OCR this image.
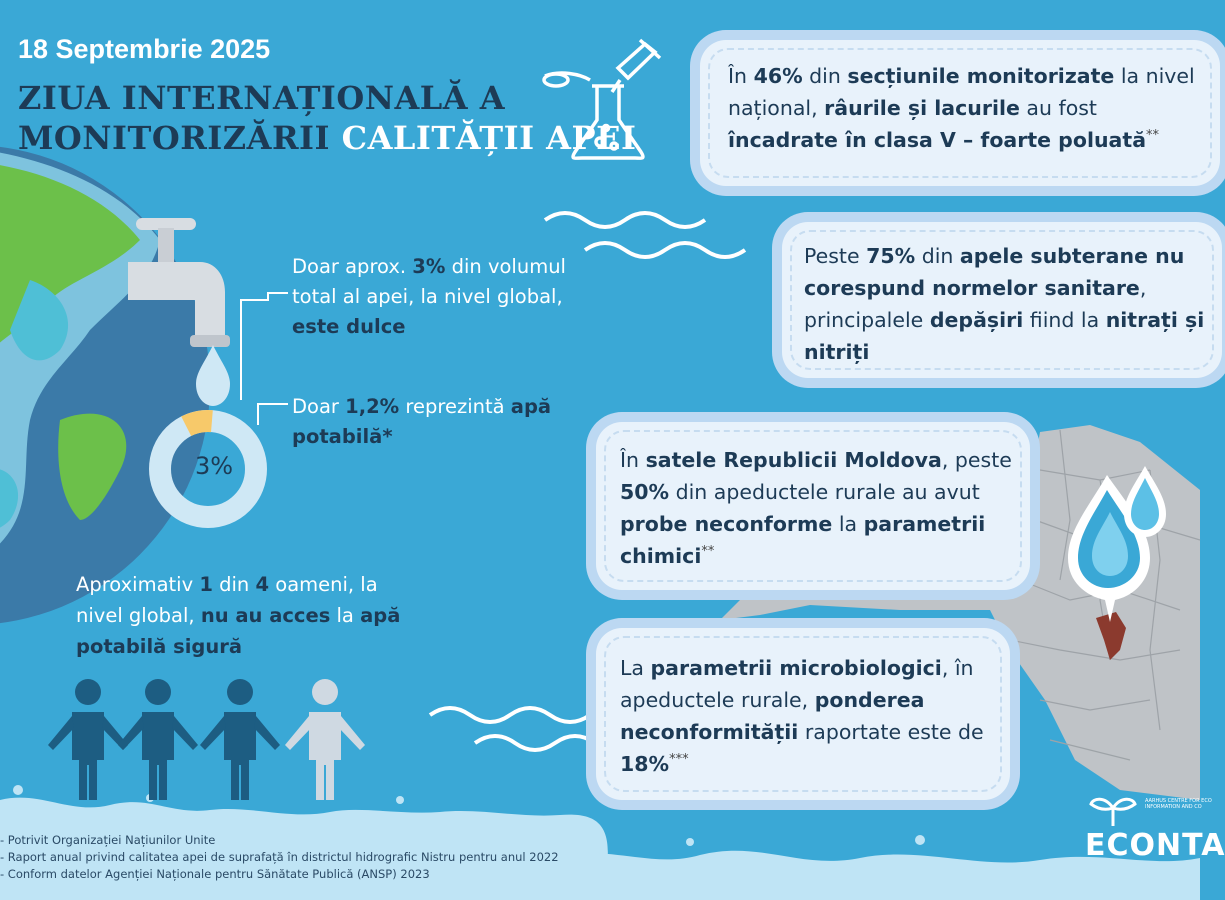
18 Septembrie 2025
ZIUA INTERNAȚIONALĂ A
MONITORIZĂRII CALITĂȚII APEI
Doar aprox. 3% din volumul total al apei, la nivel global, este dulce
Doar 1,2% reprezintă apă potabilă*
3%
Aproximativ 1 din 4 oameni, la nivel global, nu au acces la apă potabilă sigură
În 46% din secțiunile monitorizate la nivel național, râurile și lacurile au fost încadrate în clasa V – foarte poluată**
Peste 75% din apele subterane nu corespund normelor sanitare, principalele depășiri fiind la nitrați și nitriți
În satele Republicii Moldova, peste 50% din apeductele rurale au avut probe neconforme la parametrii chimici**
La parametrii microbiologici, în apeductele rurale, ponderea neconformității raportate este de 18%***
- Potrivit Organizației Națiunilor Unite
- Raport anual privind calitatea apei de suprafață în districtul hidrografic Nistru pentru anul 2022
- Conform datelor Agenției Naționale pentru Sănătate Publică (ANSP) 2023
AARHUS CENTRE FOR ECO
INFORMATION AND CO
ECONTA
